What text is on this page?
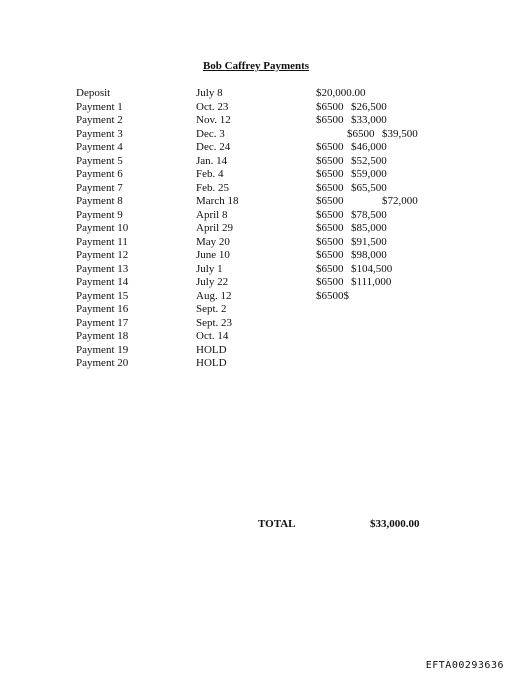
Bob Caffrey Payments
Deposit	July 8	$20,000.00
Payment 1	Oct. 23	$6500 $26,500
Payment 2	Nov. 12	$6500 $33,000
Payment 3	Dec. 3	$6500 $39,500
Payment 4	Dec. 24	$6500 $46,000
Payment 5	Jan. 14	$6500 $52,500
Payment 6	Feb. 4	$6500 $59,000
Payment 7	Feb. 25	$6500 $65,500
Payment 8	March 18	$6500	$72,000
Payment 9	April 8	$6500 $78,500
Payment 10	April 29	$6500 $85,000
Payment 11	May 20	$6500 $91,500
Payment 12	June 10	$6500 $98,000
Payment 13	July 1	$6500 $104,500
Payment 14	July 22	$6500 $111,000
Payment 15	Aug. 12	$6500$
Payment 16	Sept. 2
Payment 17	Sept. 23
Payment 18	Oct. 14
Payment 19	HOLD
Payment 20	HOLD

TOTAL	$33,000.00

EFTA00293636
